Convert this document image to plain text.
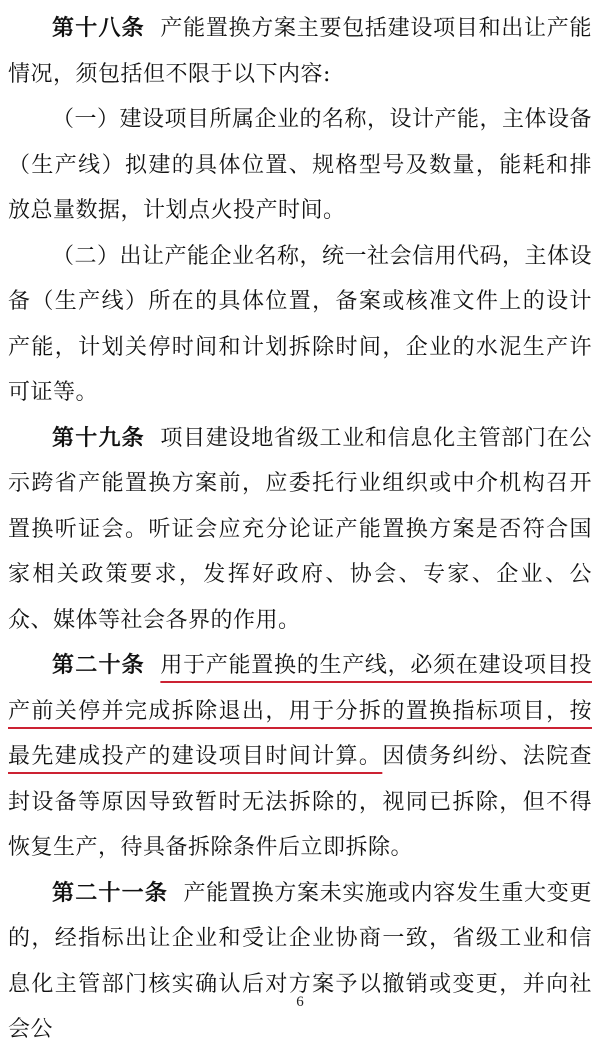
第十八条 产能置换方案主要包括建设项目和出让产能情况，须包括但不限于以下内容:

（一）建设项目所属企业的名称，设计产能，主体设备（生产线）拟建的具体位置、规格型号及数量，能耗和排放总量数据，计划点火投产时间。

（二）出让产能企业名称，统一社会信用代码，主体设备（生产线）所在的具体位置，备案或核准文件上的设计产能，计划关停时间和计划拆除时间，企业的水泥生产许可证等。

第十九条 项目建设地省级工业和信息化主管部门在公示跨省产能置换方案前，应委托行业组织或中介机构召开置换听证会。听证会应充分论证产能置换方案是否符合国家相关政策要求，发挥好政府、协会、专家、企业、公众、媒体等社会各界的作用。

第二十条 用于产能置换的生产线，必须在建设项目投产前关停并完成拆除退出，用于分拆的置换指标项目，按最先建成投产的建设项目时间计算。因债务纠纷、法院查封设备等原因导致暂时无法拆除的，视同已拆除，但不得恢复生产，待具备拆除条件后立即拆除。

第二十一条 产能置换方案未实施或内容发生重大变更的，经指标出让企业和受让企业协商一致，省级工业和信息化主管部门核实确认后对方案予以撤销或变更，并向社会公

6
